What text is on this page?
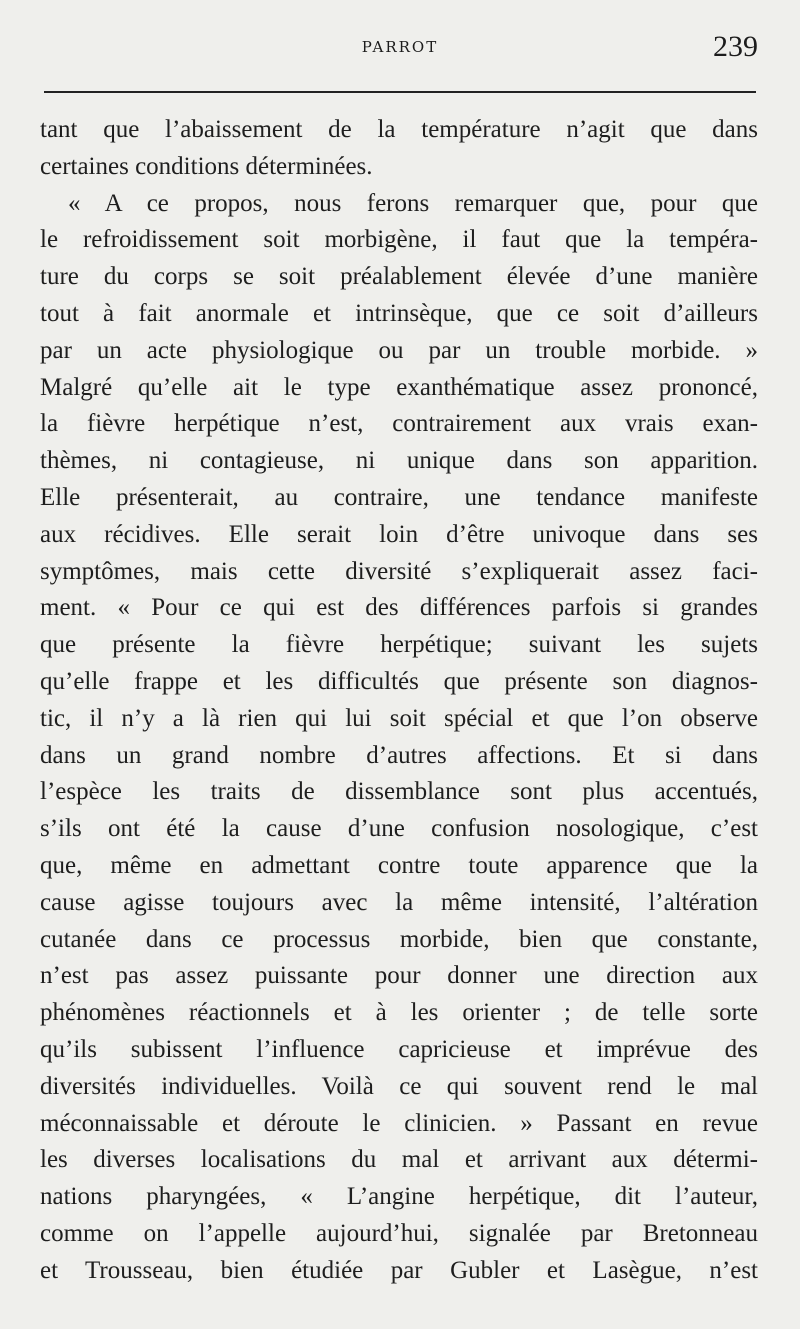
PARROT	239
tant que l’abaissement de la température n’agit que dans
certaines conditions déterminées.
« A ce propos, nous ferons remarquer que, pour que
le refroidissement soit morbigène, il faut que la tempéra-
ture du corps se soit préalablement élevée d’une manière
tout à fait anormale et intrinsèque, que ce soit d’ailleurs
par un acte physiologique ou par un trouble morbide. »
Malgré qu’elle ait le type exanthématique assez prononcé,
la fièvre herpétique n’est, contrairement aux vrais exan-
thèmes, ni contagieuse, ni unique dans son apparition.
Elle présenterait, au contraire, une tendance manifeste
aux récidives. Elle serait loin d’être univoque dans ses
symptômes, mais cette diversité s’expliquerait assez faci-
ment. « Pour ce qui est des différences parfois si grandes
que présente la fièvre herpétique; suivant les sujets
qu’elle frappe et les difficultés que présente son diagnos-
tic, il n’y a là rien qui lui soit spécial et que l’on observe
dans un grand nombre d’autres affections. Et si dans
l’espèce les traits de dissemblance sont plus accentués,
s’ils ont été la cause d’une confusion nosologique, c’est
que, même en admettant contre toute apparence que la
cause agisse toujours avec la même intensité, l’altération
cutanée dans ce processus morbide, bien que constante,
n’est pas assez puissante pour donner une direction aux
phénomènes réactionnels et à les orienter ; de telle sorte
qu’ils subissent l’influence capricieuse et imprévue des
diversités individuelles. Voilà ce qui souvent rend le mal
méconnaissable et déroute le clinicien. » Passant en revue
les diverses localisations du mal et arrivant aux détermi-
nations pharyngées, « L’angine herpétique, dit l’auteur,
comme on l’appelle aujourd’hui, signalée par Bretonneau
et Trousseau, bien étudiée par Gubler et Lasègue, n’est
